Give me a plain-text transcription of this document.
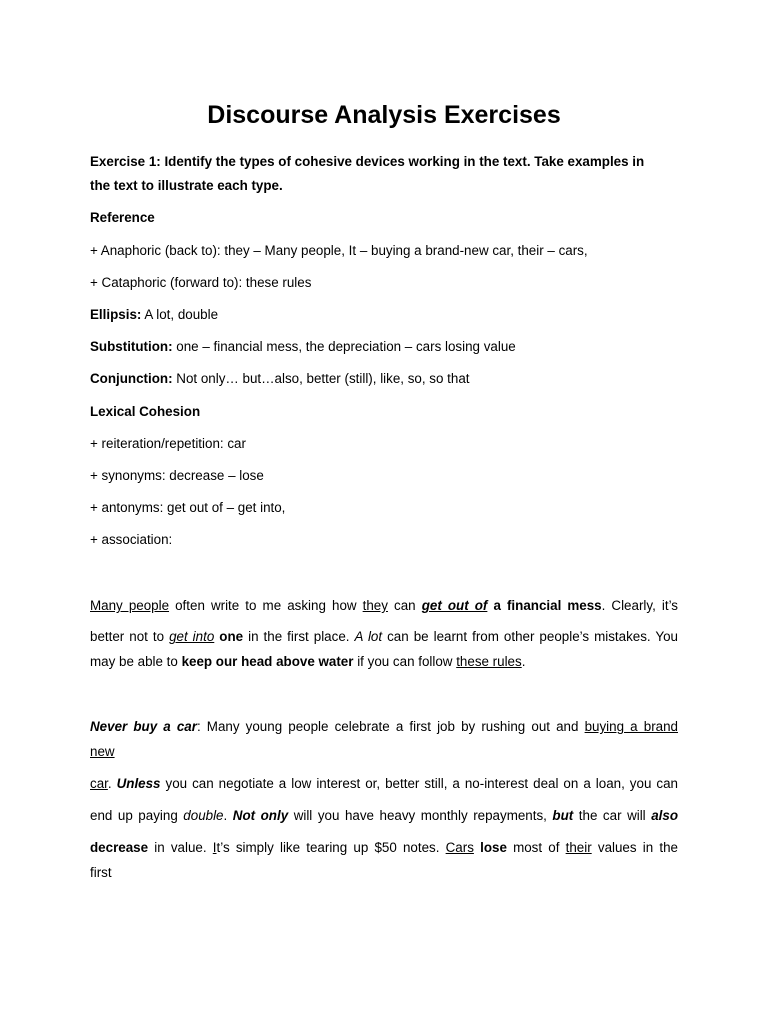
Discourse Analysis Exercises
Exercise 1: Identify the types of cohesive devices working in the text. Take examples in
the text to illustrate each type.
Reference
+ Anaphoric (back to): they – Many people, It – buying a brand-new car, their – cars,
+ Cataphoric (forward to): these rules
Ellipsis: A lot, double
Substitution: one – financial mess, the depreciation – cars losing value
Conjunction: Not only… but…also, better (still), like, so, so that
Lexical Cohesion
+ reiteration/repetition: car
+ synonyms: decrease – lose
+ antonyms: get out of – get into,
+ association:
Many people often write to me asking how they can get out of a financial mess. Clearly, it’s
better not to get into one in the first place. A lot can be learnt from other people’s mistakes. You
may be able to keep our head above water if you can follow these rules.
Never buy a car: Many young people celebrate a first job by rushing out and buying a brand
new
car. Unless you can negotiate a low interest or, better still, a no-interest deal on a loan, you can
end up paying double. Not only will you have heavy monthly repayments, but the car will also
decrease in value. It’s simply like tearing up $50 notes. Cars lose most of their values in the
first
